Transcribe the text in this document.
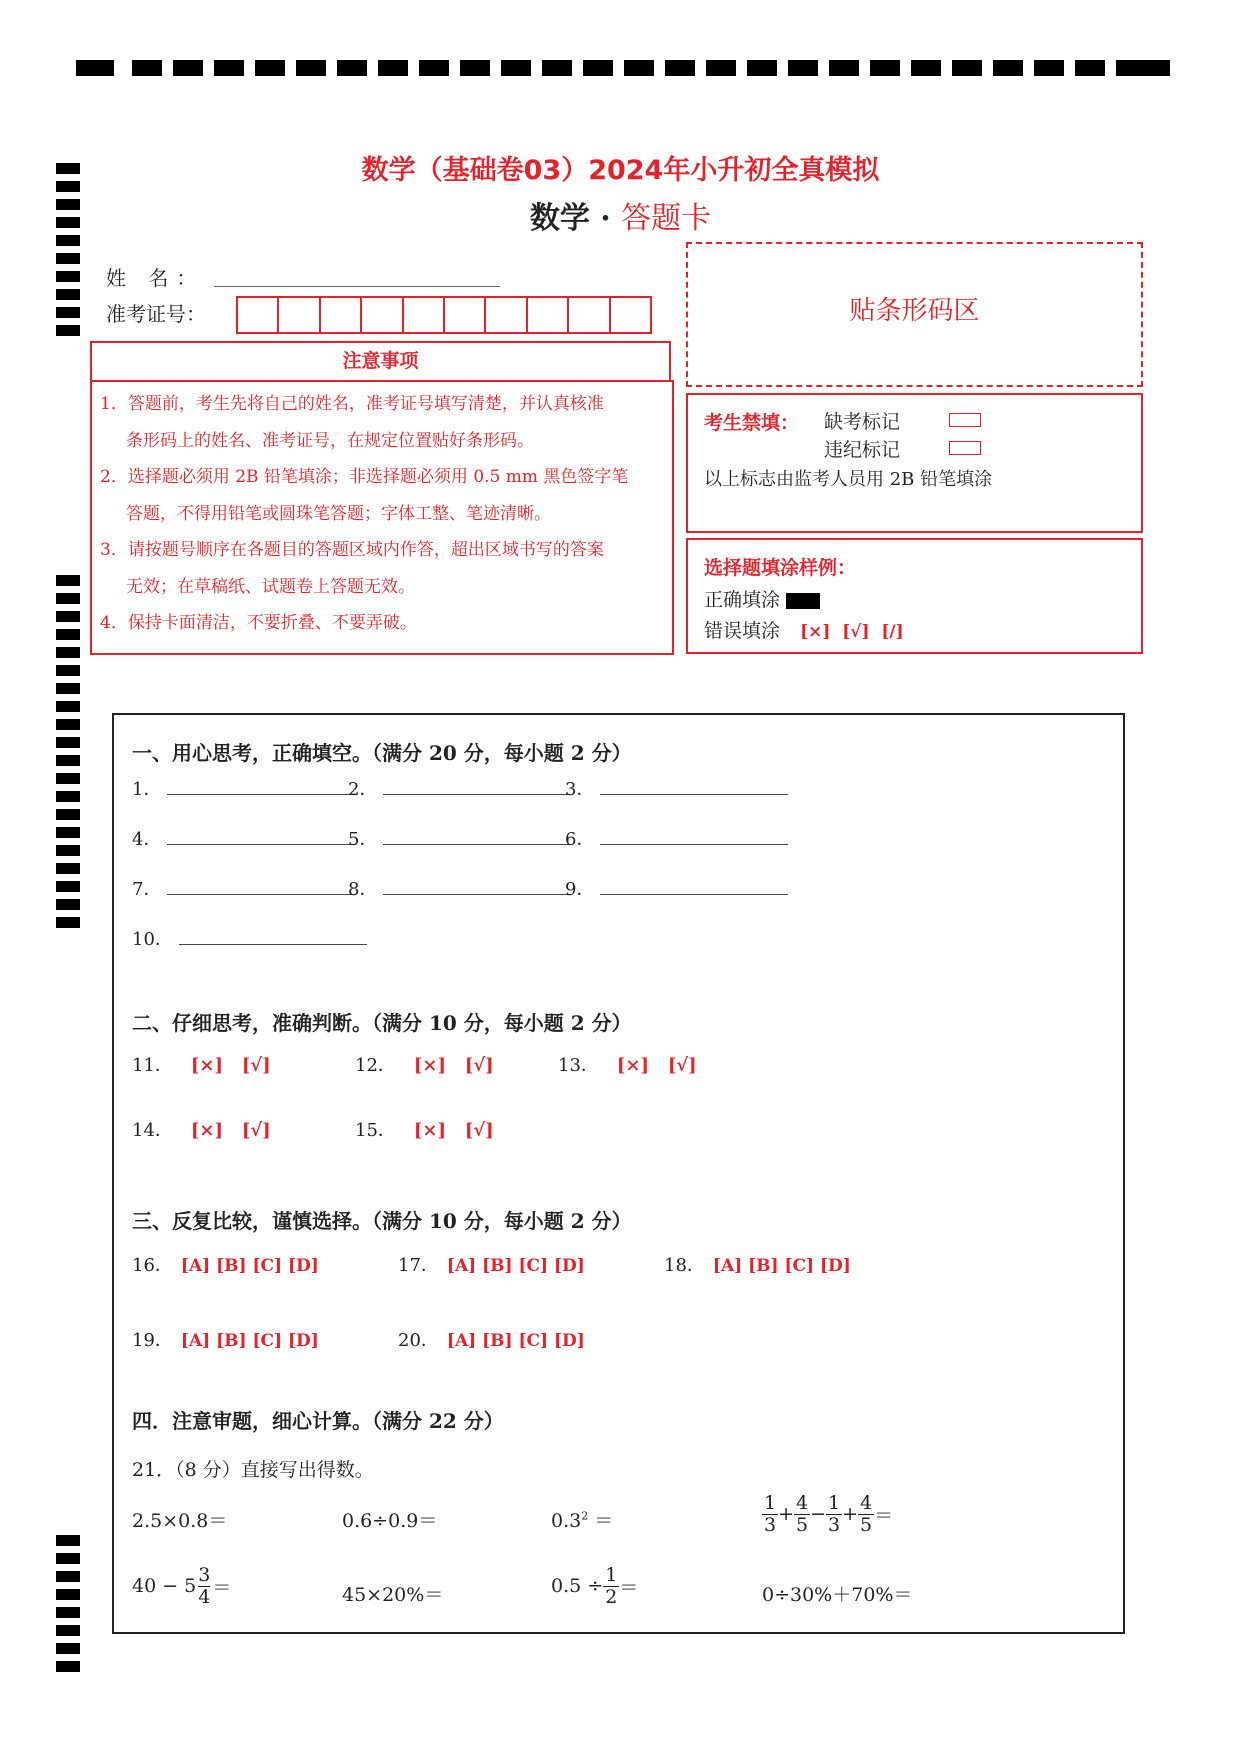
数学（基础卷03）2024年小升初全真模拟
数学 · 答题卡
姓 名：
准考证号：
注意事项

1．答题前，考生先将自己的姓名，准考证号填写清楚，并认真核准

条形码上的姓名、准考证号，在规定位置贴好条形码。

2．选择题必须用 2B 铅笔填涂；非选择题必须用 0.5 mm 黑色签字笔

答题，不得用铅笔或圆珠笔答题；字体工整、笔迹清晰。

3．请按题号顺序在各题目的答题区域内作答，超出区域书写的答案

无效；在草稿纸、试题卷上答题无效。

4．保持卡面清洁，不要折叠、不要弄破。

贴条形码区
考生禁填： 缺考标记
违纪标记
以上标志由监考人员用 2B 铅笔填涂
选择题填涂样例：
正确填涂
错误填涂 [×]  [√]  [/]
一、用心思考，正确填空。（满分 20 分，每小题 2 分）
1．	2．	3．
4．	5．	6．
7．	8．	9．
10．
二、仔细思考，准确判断。（满分 10 分，每小题 2 分）
11． [×]   [√]	12． [×]   [√]	13． [×]   [√]
14． [×]   [√]	15． [×]   [√]
三、反复比较，谨慎选择。（满分 10 分，每小题 2 分）
16． [A] [B] [C] [D]	17． [A] [B] [C] [D]	18． [A] [B] [C] [D]
19． [A] [B] [C] [D]	20． [A] [B] [C] [D]
四．注意审题，细心计算。（满分 22 分）
21．（8 分）直接写出得数。
2.5×0.8＝	0.6÷0.9＝	$0.3^2$ ＝	$\frac{1}{3} + \frac{4}{5} - \frac{1}{3} + \frac{4}{5}$ ＝
$40 - 5 \frac{3}{4}$ ＝	45×20%＝	$0.5 \div \frac{1}{2}$ ＝	0÷30%＋70%＝
